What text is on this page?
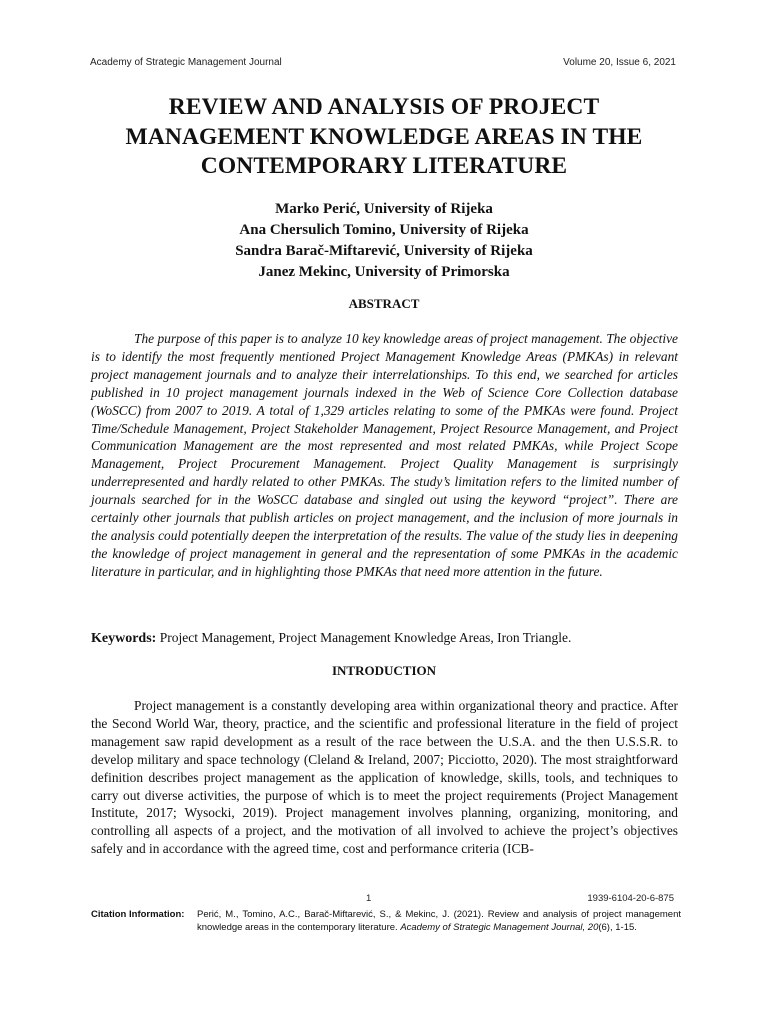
Academy of Strategic Management Journal	Volume 20, Issue 6, 2021
REVIEW AND ANALYSIS OF PROJECT
MANAGEMENT KNOWLEDGE AREAS IN THE
CONTEMPORARY LITERATURE
Marko Perić, University of Rijeka
Ana Chersulich Tomino, University of Rijeka
Sandra Barač-Miftarević, University of Rijeka
Janez Mekinc, University of Primorska
ABSTRACT

The purpose of this paper is to analyze 10 key knowledge areas of project management. The objective is to identify the most frequently mentioned Project Management Knowledge Areas (PMKAs) in relevant project management journals and to analyze their interrelationships. To this end, we searched for articles published in 10 project management journals indexed in the Web of Science Core Collection database (WoSCC) from 2007 to 2019. A total of 1,329 articles relating to some of the PMKAs were found. Project Time/Schedule Management, Project Stakeholder Management, Project Resource Management, and Project Communication Management are the most represented and most related PMKAs, while Project Scope Management, Project Procurement Management. Project Quality Management is surprisingly underrepresented and hardly related to other PMKAs. The study’s limitation refers to the limited number of journals searched for in the WoSCC database and singled out using the keyword “project”. There are certainly other journals that publish articles on project management, and the inclusion of more journals in the analysis could potentially deepen the interpretation of the results. The value of the study lies in deepening the knowledge of project management in general and the representation of some PMKAs in the academic literature in particular, and in highlighting those PMKAs that need more attention in the future.

Keywords: Project Management, Project Management Knowledge Areas, Iron Triangle.
INTRODUCTION

Project management is a constantly developing area within organizational theory and practice. After the Second World War, theory, practice, and the scientific and professional literature in the field of project management saw rapid development as a result of the race between the U.S.A. and the then U.S.S.R. to develop military and space technology (Cleland & Ireland, 2007; Picciotto, 2020). The most straightforward definition describes project management as the application of knowledge, skills, tools, and techniques to carry out diverse activities, the purpose of which is to meet the project requirements (Project Management Institute, 2017; Wysocki, 2019). Project management involves planning, organizing, monitoring, and controlling all aspects of a project, and the motivation of all involved to achieve the project’s objectives safely and in accordance with the agreed time, cost and performance criteria (ICB-

1	1939-6104-20-6-875
Citation Information:	Perić, M., Tomino, A.C., Barač-Miftarević, S., & Mekinc, J. (2021). Review and analysis of project management knowledge areas in the contemporary literature. Academy of Strategic Management Journal, 20(6), 1-15.
